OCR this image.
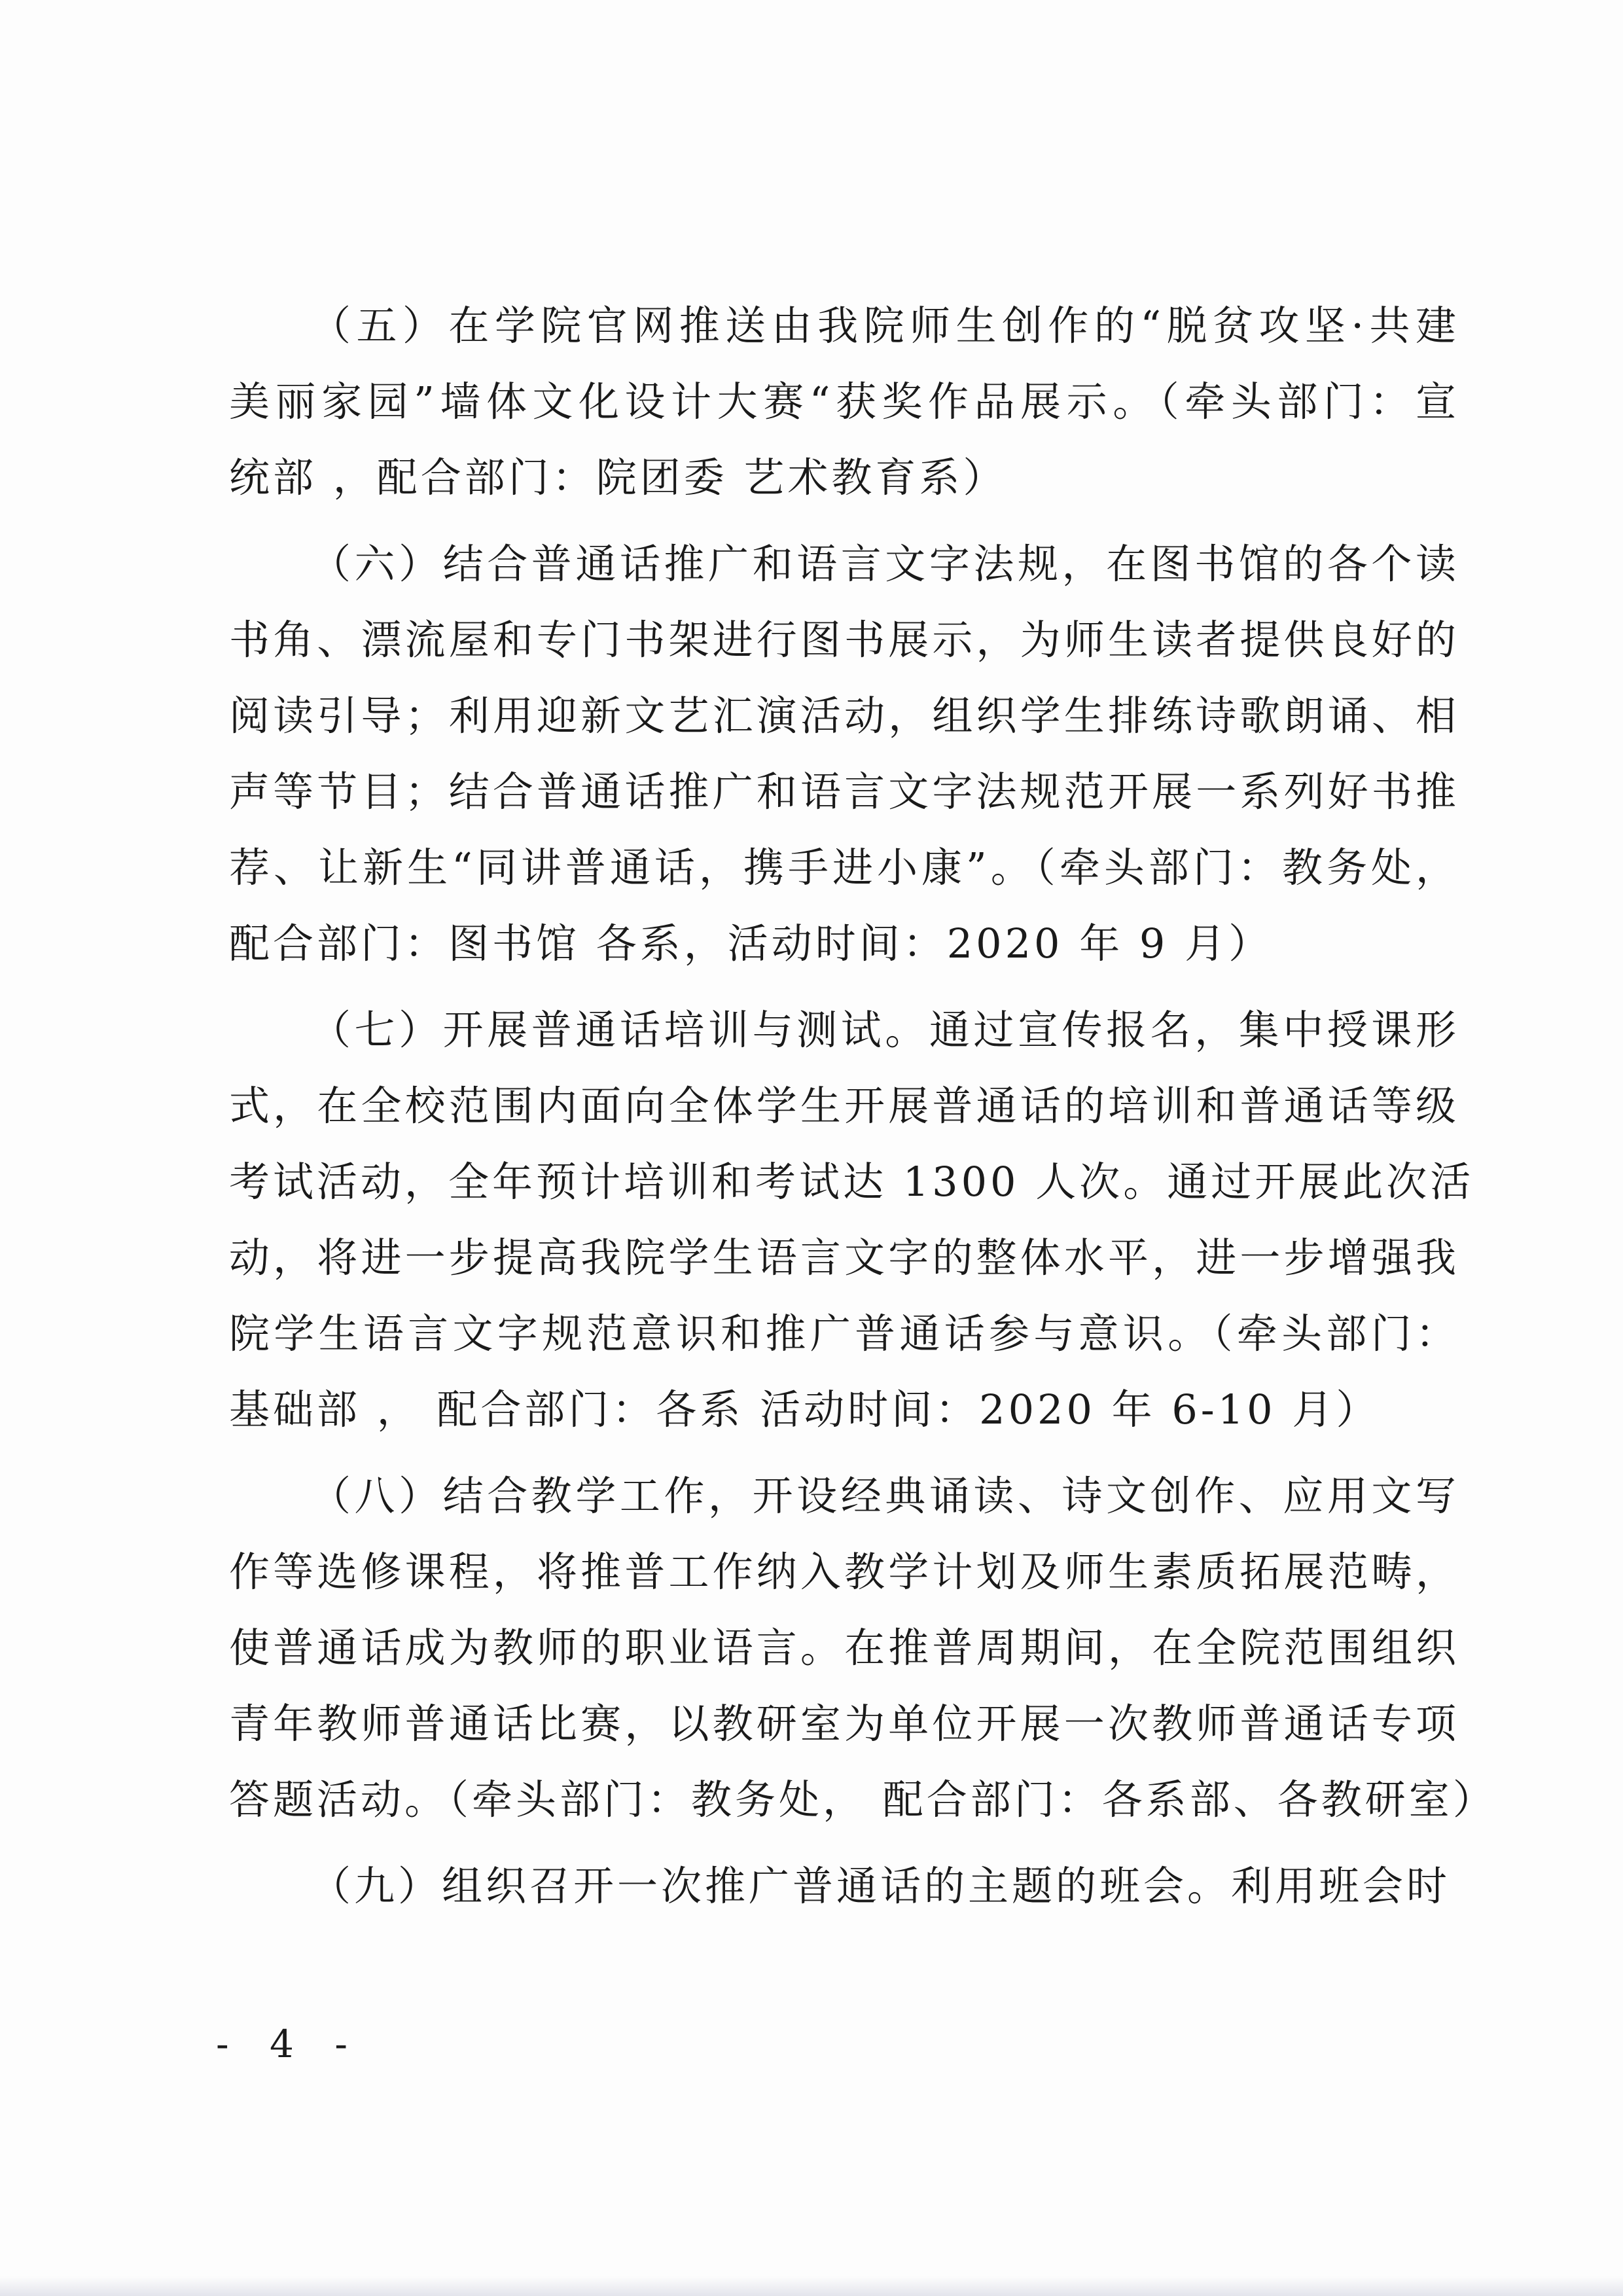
（五）在学院官网推送由我院师生创作的“脱贫攻坚·共建
美丽家园”墙体文化设计大赛“获奖作品展示。（牵头部门：宣
统部 ，配合部门：院团委 艺术教育系）
（六）结合普通话推广和语言文字法规，在图书馆的各个读
书角、漂流屋和专门书架进行图书展示，为师生读者提供良好的
阅读引导；利用迎新文艺汇演活动，组织学生排练诗歌朗诵、相
声等节目；结合普通话推广和语言文字法规范开展一系列好书推
荐、让新生“同讲普通话，携手进小康”。（牵头部门：教务处，
配合部门：图书馆 各系，活动时间：2020 年 9 月）
（七）开展普通话培训与测试。通过宣传报名，集中授课形
式，在全校范围内面向全体学生开展普通话的培训和普通话等级
考试活动，全年预计培训和考试达 1300 人次。通过开展此次活
动，将进一步提高我院学生语言文字的整体水平，进一步增强我
院学生语言文字规范意识和推广普通话参与意识。（牵头部门：
基础部 ， 配合部门：各系 活动时间：2020 年 6-10 月）
（八）结合教学工作，开设经典诵读、诗文创作、应用文写
作等选修课程，将推普工作纳入教学计划及师生素质拓展范畴，
使普通话成为教师的职业语言。在推普周期间，在全院范围组织
青年教师普通话比赛，以教研室为单位开展一次教师普通话专项
答题活动。（牵头部门：教务处， 配合部门：各系部、各教研室）
（九）组织召开一次推广普通话的主题的班会。利用班会时
- 4 -
